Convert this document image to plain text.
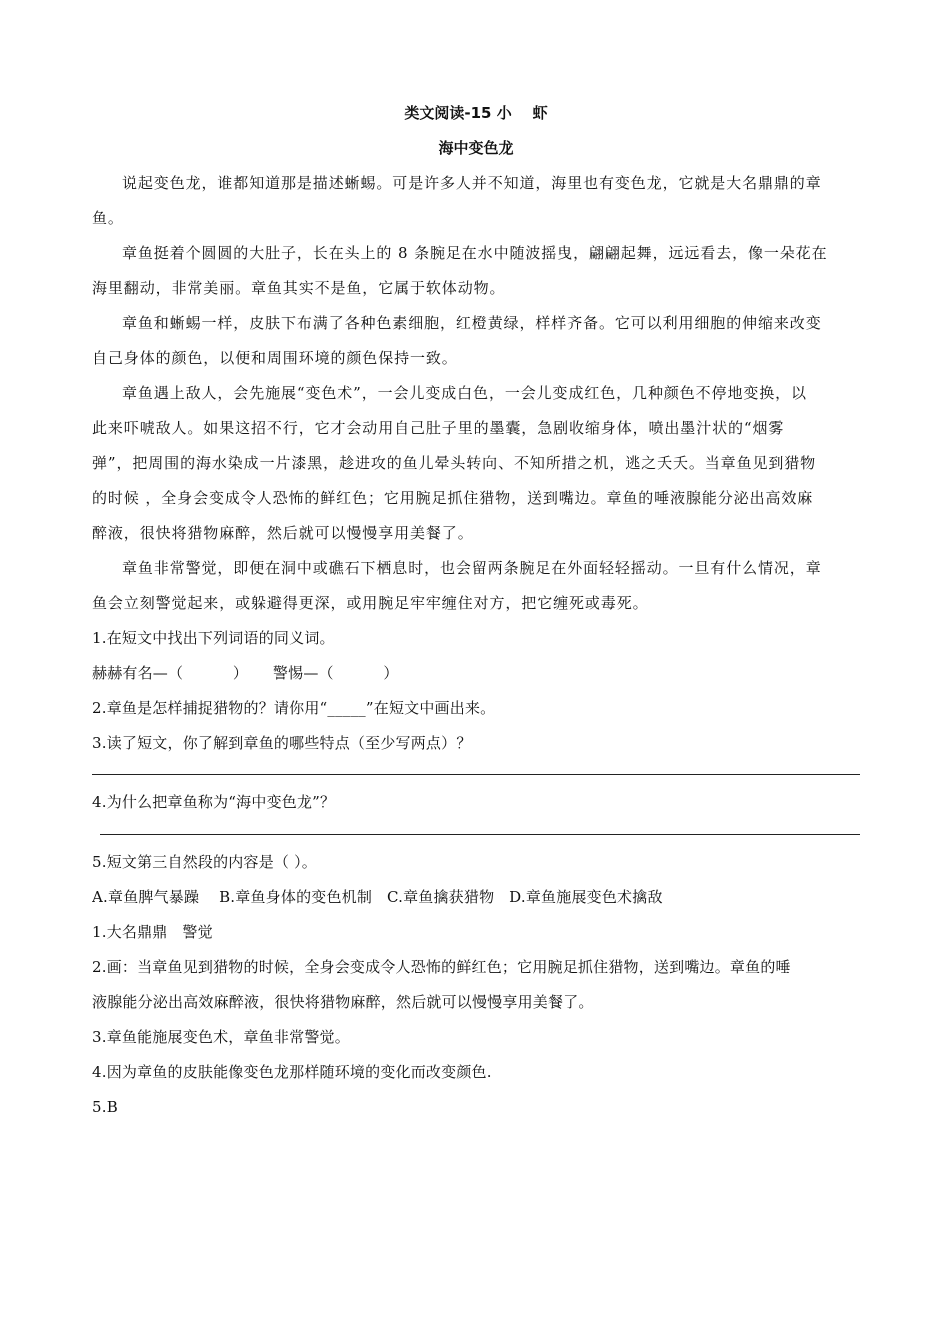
类文阅读-15 小    虾
海中变色龙
说起变色龙，谁都知道那是描述蜥蜴。可是许多人并不知道，海里也有变色龙，它就是大名鼎鼎的章
鱼。
章鱼挺着个圆圆的大肚子，长在头上的 8 条腕足在水中随波摇曳，翩翩起舞，远远看去，像一朵花在
海里翻动，非常美丽。章鱼其实不是鱼，它属于软体动物。
章鱼和蜥蜴一样，皮肤下布满了各种色素细胞，红橙黄绿，样样齐备。它可以利用细胞的伸缩来改变
自己身体的颜色，以便和周围环境的颜色保持一致。
章鱼遇上敌人，会先施展“变色术”，一会儿变成白色，一会儿变成红色，几种颜色不停地变换，以
此来吓唬敌人。如果这招不行，它才会动用自己肚子里的墨囊，急剧收缩身体，喷出墨汁状的“烟雾
弹”，把周围的海水染成一片漆黑，趁进攻的鱼儿晕头转向、不知所措之机，逃之夭夭。当章鱼见到猎物
的时候 ，全身会变成令人恐怖的鲜红色；它用腕足抓住猎物，送到嘴边。章鱼的唾液腺能分泌出高效麻
醉液，很快将猎物麻醉，然后就可以慢慢享用美餐了。
章鱼非常警觉，即便在洞中或礁石下栖息时，也会留两条腕足在外面轻轻摇动。一旦有什么情况，章
鱼会立刻警觉起来，或躲避得更深，或用腕足牢牢缠住对方，把它缠死或毒死。
1.在短文中找出下列词语的同义词。
赫赫有名—（          ）     警惕—（          ）
2.章鱼是怎样捕捉猎物的？请你用“_____”在短文中画出来。
3.读了短文，你了解到章鱼的哪些特点（至少写两点）？
4.为什么把章鱼称为“海中变色龙”？
5.短文第三自然段的内容是（ ）。
A.章鱼脾气暴躁    B.章鱼身体的变色机制   C.章鱼擒获猎物   D.章鱼施展变色术擒敌
1.大名鼎鼎   警觉
2.画：当章鱼见到猎物的时候，全身会变成令人恐怖的鲜红色；它用腕足抓住猎物，送到嘴边。章鱼的唾
液腺能分泌出高效麻醉液，很快将猎物麻醉，然后就可以慢慢享用美餐了。
3.章鱼能施展变色术，章鱼非常警觉。
4.因为章鱼的皮肤能像变色龙那样随环境的变化而改变颜色.
5.B
